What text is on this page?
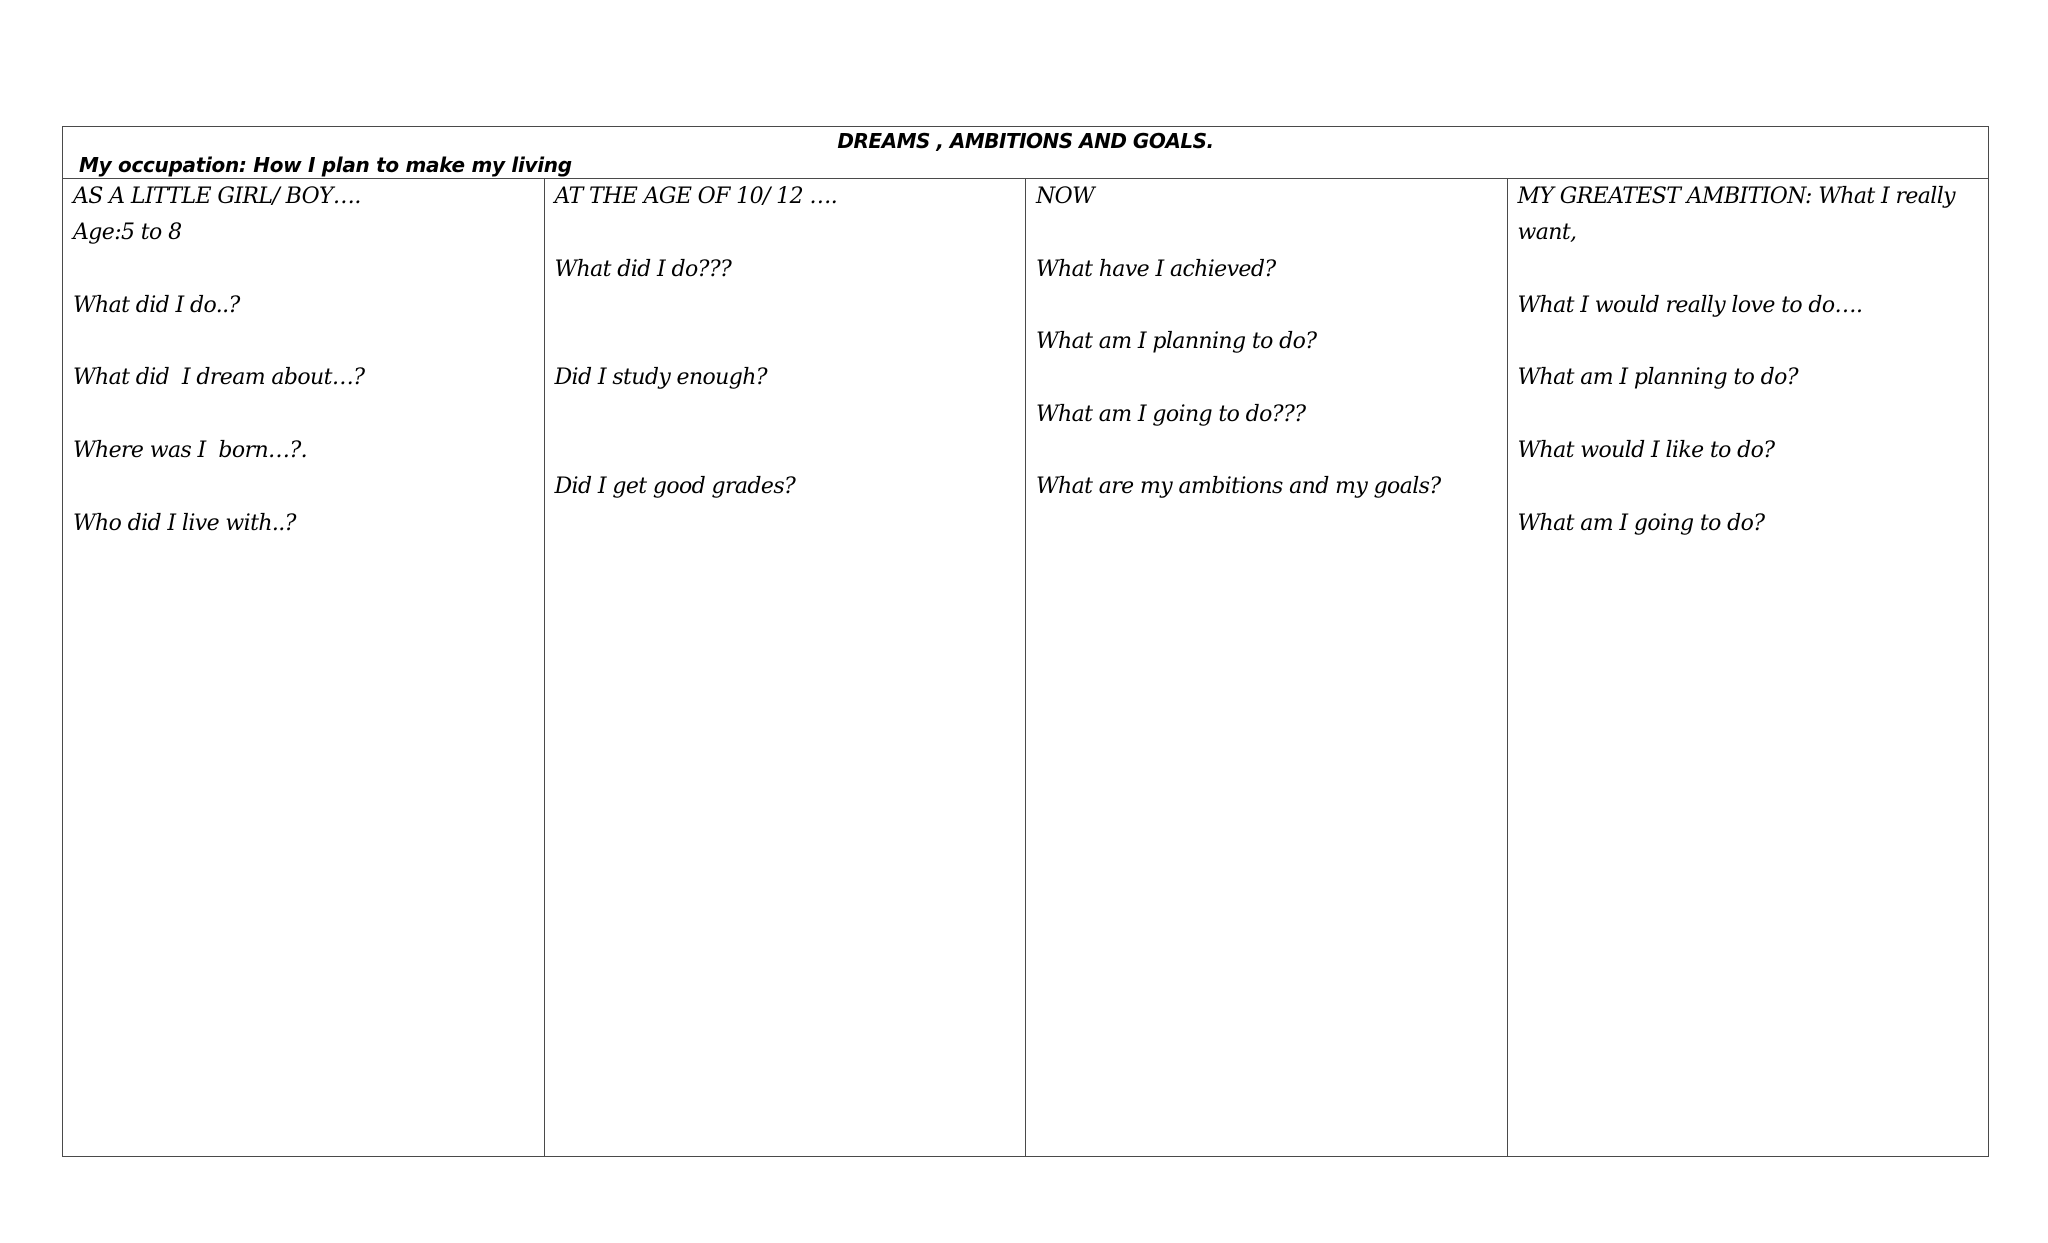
DREAMS , AMBITIONS AND GOALS.
My occupation: How I plan to make my living
AS A LITTLE GIRL/ BOY….
Age:5 to 8
What did I do..?
What did  I dream about…?
Where was I  born…?.
Who did I live with..?
AT THE AGE OF 10/ 12 ….
What did I do???
Did I study enough?
Did I get good grades?
NOW
What have I achieved?
What am I planning to do?
What am I going to do???
What are my ambitions and my goals?
MY GREATEST AMBITION: What I really want,
What I would really love to do….
What am I planning to do?
What would I like to do?
What am I going to do?
